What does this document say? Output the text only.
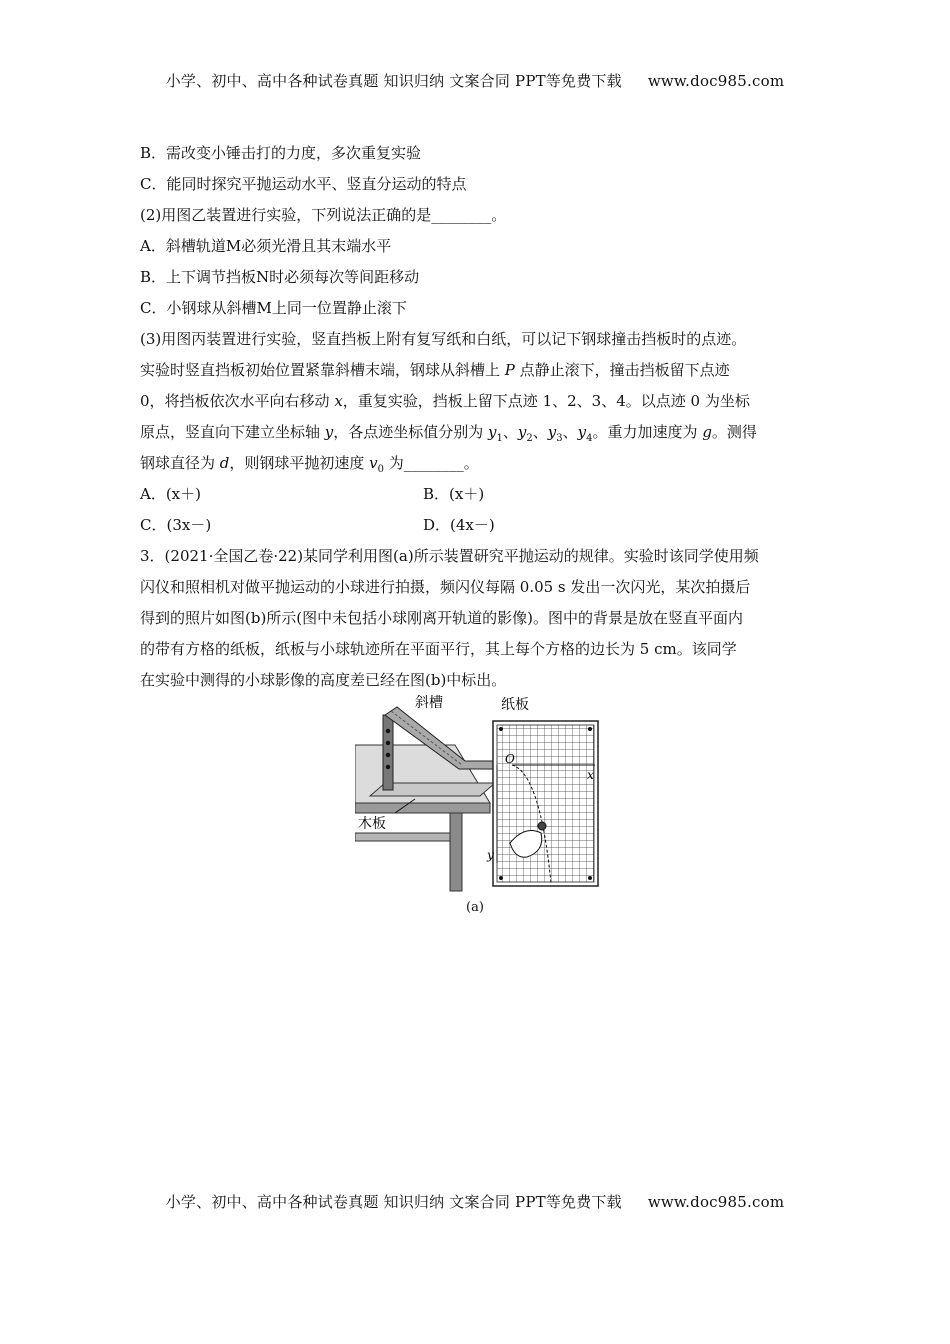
小学、初中、高中各种试卷真题 知识归纳 文案合同 PPT等免费下载 www.doc985.com
B．需改变小锤击打的力度，多次重复实验
C．能同时探究平抛运动水平、竖直分运动的特点
(2)用图乙装置进行实验，下列说法正确的是________。
A．斜槽轨道M必须光滑且其末端水平
B．上下调节挡板N时必须每次等间距移动
C．小钢球从斜槽M上同一位置静止滚下
(3)用图丙装置进行实验，竖直挡板上附有复写纸和白纸，可以记下钢球撞击挡板时的点迹。
实验时竖直挡板初始位置紧靠斜槽末端，钢球从斜槽上 P 点静止滚下，撞击挡板留下点迹
0，将挡板依次水平向右移动 x，重复实验，挡板上留下点迹 1、2、3、4。以点迹 0 为坐标
原点，竖直向下建立坐标轴 y，各点迹坐标值分别为 $y_1$、$y_2$、$y_3$、$y_4$。重力加速度为 g。测得
钢球直径为 d，则钢球平抛初速度 $v_0$ 为________。
A．(x＋)	B．(x＋)
C．(3x－)	D．(4x－)
3．(2021·全国乙卷·22)某同学利用图(a)所示装置研究平抛运动的规律。实验时该同学使用频
闪仪和照相机对做平抛运动的小球进行拍摄，频闪仪每隔 0.05 s 发出一次闪光，某次拍摄后
得到的照片如图(b)所示(图中未包括小球刚离开轨道的影像)。图中的背景是放在竖直平面内
的带有方格的纸板，纸板与小球轨迹所在平面平行，其上每个方格的边长为 5 cm。该同学
在实验中测得的小球影像的高度差已经在图(b)中标出。
斜槽	纸板
木板
O
x
y
(a)
小学、初中、高中各种试卷真题 知识归纳 文案合同 PPT等免费下载 www.doc985.com
